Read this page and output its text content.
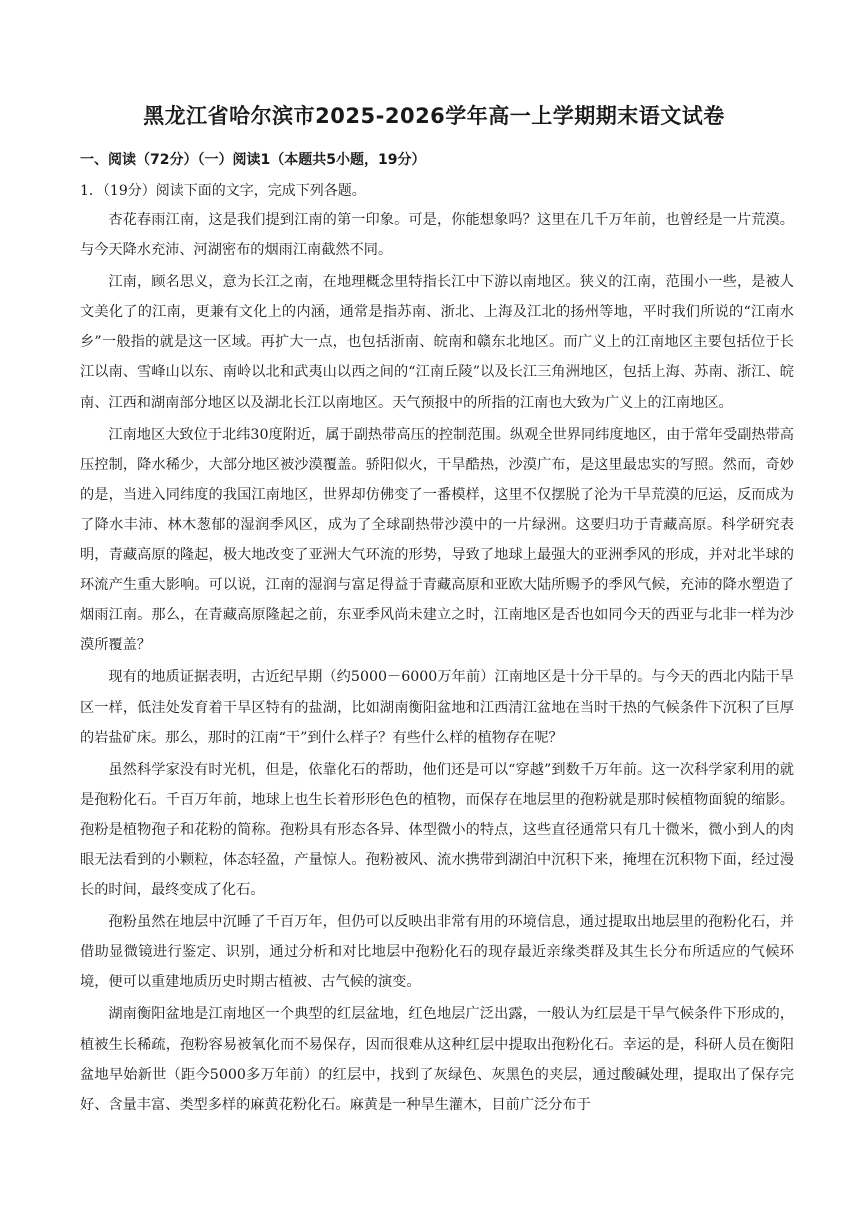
黑龙江省哈尔滨市2025-2026学年高一上学期期末语文试卷
一、阅读（72分）（一）阅读1（本题共5小题，19分）
1．（19分）阅读下面的文字，完成下列各题。

杏花春雨江南，这是我们提到江南的第一印象。可是，你能想象吗？这里在几千万年前，也曾经是一片荒漠。与今天降水充沛、河湖密布的烟雨江南截然不同。

江南，顾名思义，意为长江之南，在地理概念里特指长江中下游以南地区。狭义的江南，范围小一些，是被人文美化了的江南，更兼有文化上的内涵，通常是指苏南、浙北、上海及江北的扬州等地，平时我们所说的“江南水乡”一般指的就是这一区域。再扩大一点，也包括浙南、皖南和赣东北地区。而广义上的江南地区主要包括位于长江以南、雪峰山以东、南岭以北和武夷山以西之间的“江南丘陵”以及长江三角洲地区，包括上海、苏南、浙江、皖南、江西和湖南部分地区以及湖北长江以南地区。天气预报中的所指的江南也大致为广义上的江南地区。

江南地区大致位于北纬30度附近，属于副热带高压的控制范围。纵观全世界同纬度地区，由于常年受副热带高压控制，降水稀少，大部分地区被沙漠覆盖。骄阳似火，干旱酷热，沙漠广布，是这里最忠实的写照。然而，奇妙的是，当进入同纬度的我国江南地区，世界却仿佛变了一番模样，这里不仅摆脱了沦为干旱荒漠的厄运，反而成为了降水丰沛、林木葱郁的湿润季风区，成为了全球副热带沙漠中的一片绿洲。这要归功于青藏高原。科学研究表明，青藏高原的隆起，极大地改变了亚洲大气环流的形势，导致了地球上最强大的亚洲季风的形成，并对北半球的环流产生重大影响。可以说，江南的湿润与富足得益于青藏高原和亚欧大陆所赐予的季风气候，充沛的降水塑造了烟雨江南。那么，在青藏高原隆起之前，东亚季风尚未建立之时，江南地区是否也如同今天的西亚与北非一样为沙漠所覆盖？

现有的地质证据表明，古近纪早期（约5000－6000万年前）江南地区是十分干旱的。与今天的西北内陆干旱区一样，低洼处发育着干旱区特有的盐湖，比如湖南衡阳盆地和江西清江盆地在当时干热的气候条件下沉积了巨厚的岩盐矿床。那么，那时的江南“干”到什么样子？有些什么样的植物存在呢？

虽然科学家没有时光机，但是，依靠化石的帮助，他们还是可以“穿越”到数千万年前。这一次科学家利用的就是孢粉化石。千百万年前，地球上也生长着形形色色的植物，而保存在地层里的孢粉就是那时候植物面貌的缩影。孢粉是植物孢子和花粉的简称。孢粉具有形态各异、体型微小的特点，这些直径通常只有几十微米，微小到人的肉眼无法看到的小颗粒，体态轻盈，产量惊人。孢粉被风、流水携带到湖泊中沉积下来，掩埋在沉积物下面，经过漫长的时间，最终变成了化石。

孢粉虽然在地层中沉睡了千百万年，但仍可以反映出非常有用的环境信息，通过提取出地层里的孢粉化石，并借助显微镜进行鉴定、识别，通过分析和对比地层中孢粉化石的现存最近亲缘类群及其生长分布所适应的气候环境，便可以重建地质历史时期古植被、古气候的演变。

湖南衡阳盆地是江南地区一个典型的红层盆地，红色地层广泛出露，一般认为红层是干旱气候条件下形成的，植被生长稀疏，孢粉容易被氧化而不易保存，因而很难从这种红层中提取出孢粉化石。幸运的是，科研人员在衡阳盆地早始新世（距今5000多万年前）的红层中，找到了灰绿色、灰黑色的夹层，通过酸碱处理，提取出了保存完好、含量丰富、类型多样的麻黄花粉化石。麻黄是一种旱生灌木，目前广泛分布于
